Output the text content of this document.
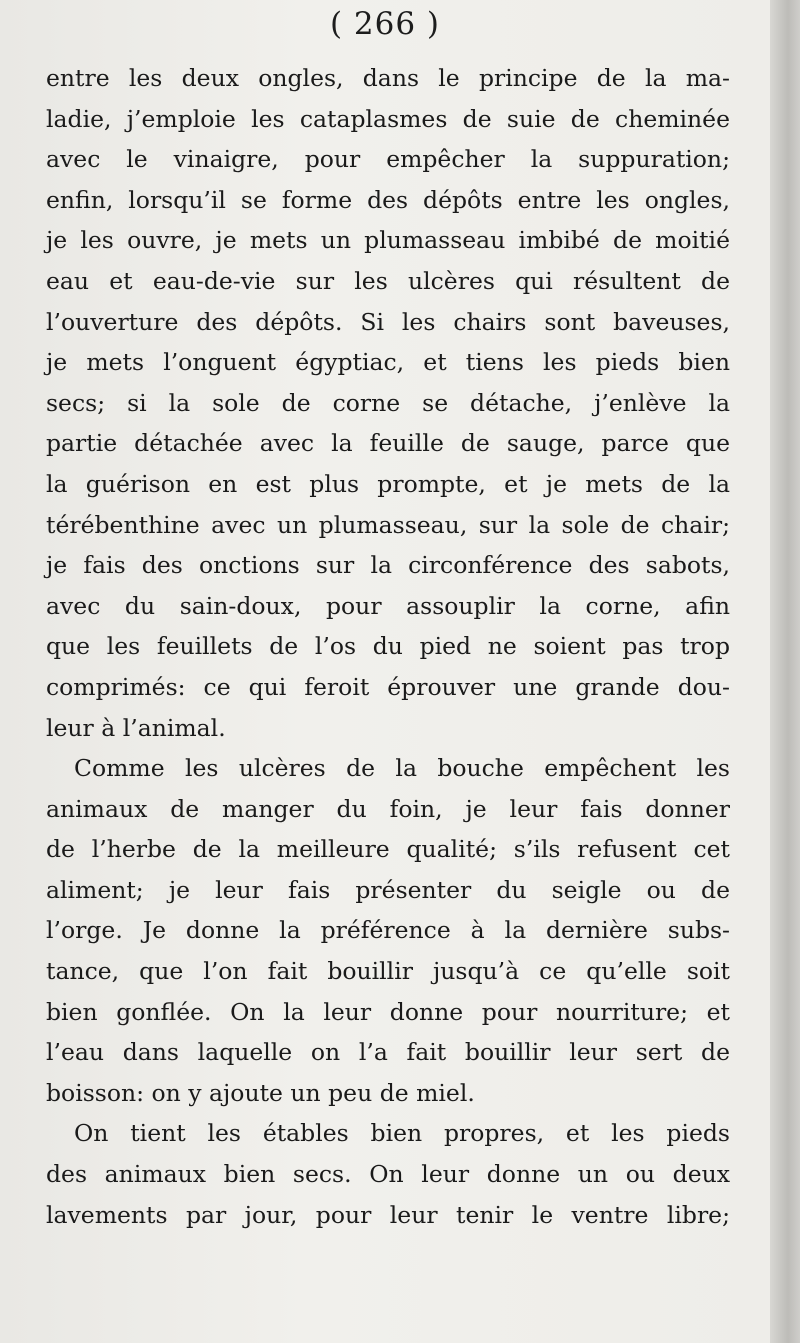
( 266 )

entre les deux ongles, dans le principe de la ma-
ladie, j’emploie les cataplasmes de suie de cheminée
avec le vinaigre, pour empêcher la suppuration;
enfin, lorsqu’il se forme des dépôts entre les ongles,
je les ouvre, je mets un plumasseau imbibé de moitié
eau et eau-de-vie sur les ulcères qui résultent de
l’ouverture des dépôts. Si les chairs sont baveuses,
je mets l’onguent égyptiac, et tiens les pieds bien
secs; si la sole de corne se détache, j’enlève la
partie détachée avec la feuille de sauge, parce que
la guérison en est plus prompte, et je mets de la
térébenthine avec un plumasseau, sur la sole de chair;
je fais des onctions sur la circonférence des sabots,
avec du sain-doux, pour assouplir la corne, afin
que les feuillets de l’os du pied ne soient pas trop
comprimés: ce qui feroit éprouver une grande dou-
leur à l’animal.
Comme les ulcères de la bouche empêchent les
animaux de manger du foin, je leur fais donner
de l’herbe de la meilleure qualité; s’ils refusent cet
aliment; je leur fais présenter du seigle ou de
l’orge. Je donne la préférence à la dernière subs-
tance, que l’on fait bouillir jusqu’à ce qu’elle soit
bien gonflée. On la leur donne pour nourriture; et
l’eau dans laquelle on l’a fait bouillir leur sert de
boisson: on y ajoute un peu de miel.
On tient les étables bien propres, et les pieds
des animaux bien secs. On leur donne un ou deux
lavements par jour, pour leur tenir le ventre libre;
